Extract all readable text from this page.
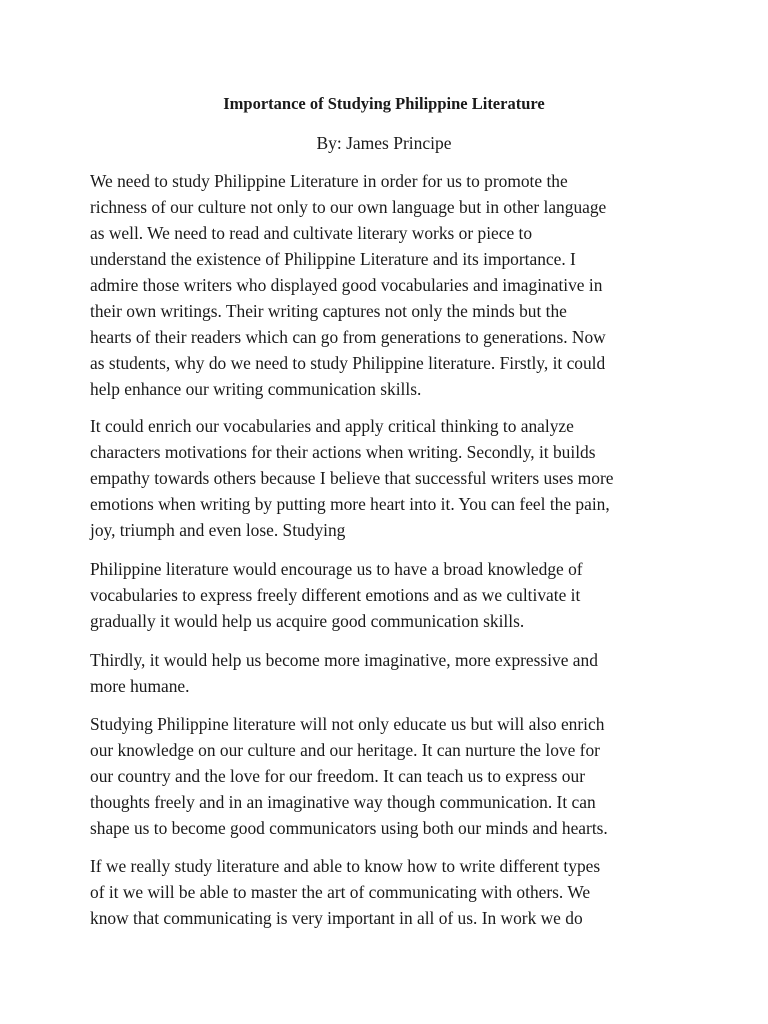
Importance of Studying Philippine Literature

By: James Principe

We need to study Philippine Literature in order for us to promote the
richness of our culture not only to our own language but in other language
as well. We need to read and cultivate literary works or piece to
understand the existence of Philippine Literature and its importance. I
admire those writers who displayed good vocabularies and imaginative in
their own writings. Their writing captures not only the minds but the
hearts of their readers which can go from generations to generations. Now
as students, why do we need to study Philippine literature. Firstly, it could
help enhance our writing communication skills.

It could enrich our vocabularies and apply critical thinking to analyze
characters motivations for their actions when writing. Secondly, it builds
empathy towards others because I believe that successful writers uses more
emotions when writing by putting more heart into it. You can feel the pain,
joy, triumph and even lose. Studying

Philippine literature would encourage us to have a broad knowledge of
vocabularies to express freely different emotions and as we cultivate it
gradually it would help us acquire good communication skills.

Thirdly, it would help us become more imaginative, more expressive and
more humane.

Studying Philippine literature will not only educate us but will also enrich
our knowledge on our culture and our heritage. It can nurture the love for
our country and the love for our freedom. It can teach us to express our
thoughts freely and in an imaginative way though communication. It can
shape us to become good communicators using both our minds and hearts.

If we really study literature and able to know how to write different types
of it we will be able to master the art of communicating with others. We
know that communicating is very important in all of us. In work we do
